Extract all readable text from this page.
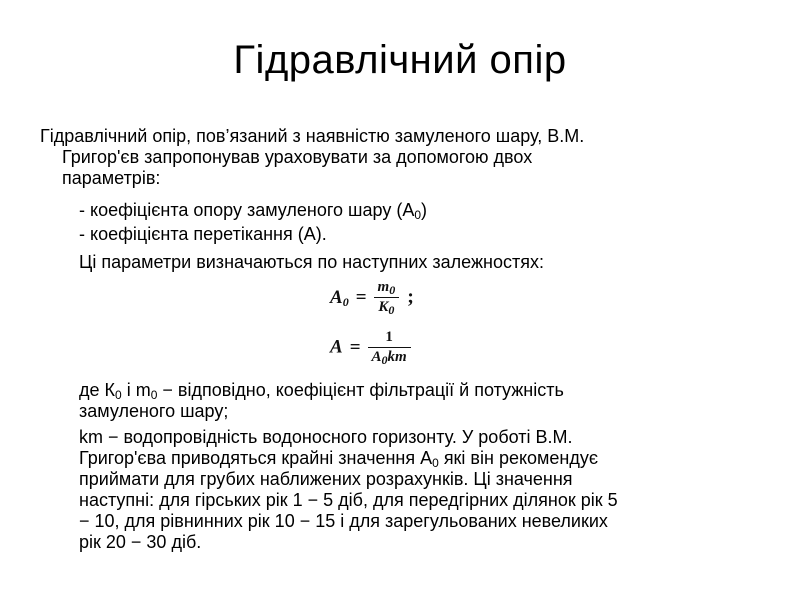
Гідравлічний опір
Гідравлічний опір, пов’язаний з наявністю замуленого шару, В.М.
Григор'єв запропонував ураховувати за допомогою двох
параметрів:
- коефіцієнта опору замуленого шару $(А_0)$
- коефіцієнта перетікання (А).
Ці параметри визначаються по наступних залежностях:
$A_0 = \frac{m_0}{K_0}$ ;
$A = \frac{1}{A_0km}$
де $К_0$ і $m_0$ − відповідно, коефіцієнт фільтрації й потужність
замуленого шару;
km − водопровідність водоносного горизонту. У роботі В.М.
Григор'єва приводяться крайні значення $А_0$ які він рекомендує
приймати для грубих наближених розрахунків. Ці значення
наступні: для гірських рік 1 − 5 діб, для передгірних ділянок рік 5
− 10, для рівнинних рік 10 − 15 і для зарегульованих невеликих
рік 20 − 30 діб.
